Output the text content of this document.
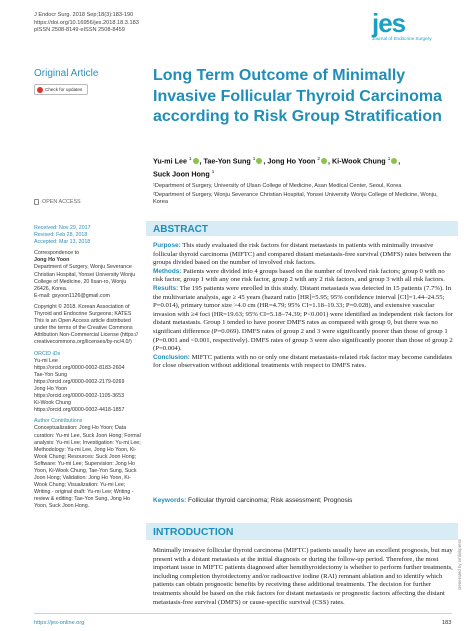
J Endocr Surg. 2018 Sep;18(3):183-190
https://doi.org/10.16956/jes.2018.18.3.183
pISSN 2508-8149·eISSN 2508-8459	jes
Journal of Endocrine Surgery
Original Article
Check for updates
Long Term Outcome of Minimally Invasive Follicular Thyroid Carcinoma according to Risk Group Stratification
Yu-mi Lee $^1$ , Tae-Yon Sung $^1$ , Jong Ho Yoon $^2$ , Ki-Wook Chung $^1$ ,
Suck Joon Hong $^1$
¹Department of Surgery, University of Ulsan College of Medicine, Asan Medical Center, Seoul, Korea
²Department of Surgery, Wonju Severance Christian Hospital, Yonsei University Wonju College of Medicine, Wonju, Korea
OPEN ACCESS

Received: Nov 29, 2017
Revised: Feb 28, 2018
Accepted: Mar 13, 2018

Correspondence to
Jong Ho Yoon
Department of Surgery, Wonju Severance Christian Hospital, Yonsei University Wonju College of Medicine, 20 Ilsan-ro, Wonju 26426, Korea.
E-mail: gsyoon1126@gmail.com

Copyright © 2018. Korean Association of Thyroid and Endocrine Surgeons; KATES This is an Open Access article distributed under the terms of the Creative Commons Attribution Non-Commercial License (https:// creativecommons.org/licenses/by-nc/4.0/)

ORCID iDs
Yu-mi Lee
https://orcid.org/0000-0002-8183-2604
Tae-Yon Sung
https://orcid.org/0000-0002-2179-0269
Jong Ho Yoon
https://orcid.org/0000-0002-1105-3653
Ki-Wook Chung
https://orcid.org/0000-0002-4418-1857

Author Contributions
Conceptualization: Jong Ho Yoon; Data curation: Yu-mi Lee, Suck Joon Hong; Formal analysis: Yu-mi Lee; Investigation: Yu-mi Lee; Methodology: Yu-mi Lee, Jong Ho Yoon, Ki-Wook Chung; Resources: Suck Joon Hong; Software: Yu-mi Lee; Supervision: Jong Ho Yoon, Ki-Wook Chung, Tae-Yon Sung, Suck Joon Hong; Validation: Jong Ho Yoon, Ki-Wook Chung; Visualization: Yu-mi Lee; Writing - original draft: Yu-mi Lee; Writing - review & editing: Tae-Yon Sung, Jong Ho Yoon, Suck Joon Hong.

ABSTRACT

Purpose: This study evaluated the risk factors for distant metastasis in patients with minimally invasive follicular thyroid carcinoma (MIFTC) and compared distant metastasis-free survival (DMFS) rates between the groups divided based on the number of involved risk factors.

Methods: Patients were divided into 4 groups based on the number of involved risk factors; group 0 with no risk factor, group 1 with any one risk factor, group 2 with any 2 risk factors, and group 3 with all risk factors.

Results: The 195 patients were enrolled in this study. Distant metastasis was detected in 15 patients (7.7%). In the multivariate analysis, age ≥ 45 years (hazard ratio [HR]=5.95; 95% confidence interval [CI]=1.44–24.55; P=0.014), primary tumor size >4.0 cm (HR=4.79; 95% CI=1.18–19.33; P=0.028), and extensive vascular invasion with ≥4 foci (HR=19.63; 95% CI=5.18–74.39; P<0.001) were identified as independent risk factors for distant metastasis. Group 1 tended to have poorer DMFS rates as compared with group 0, but there was no significant difference (P=0.069). DMFS rates of group 2 and 3 were significantly poorer than those of group 1 (P=0.001 and <0.001, respectively). DMFS rates of group 3 were also significantly poorer than those of group 2 (P=0.004).

Conclusion: MIFTC patients with no or only one distant metastasis-related risk factor may become candidates for close observation without additional treatments with respect to DMFS rates.

Keywords: Follicular thyroid carcinoma; Risk assessment; Prognosis
INTRODUCTION
Minimally invasive follicular thyroid carcinoma (MIFTC) patients usually have an excellent prognosis, but may present with a distant metastasis at the initial diagnosis or during the follow-up period. Therefore, the most important issue in MIFTC patients diagnosed after hemithyroidectomy is whether to perform further treatments, including completion thyroidectomy and/or radioactive iodine (RAI) remnant ablation and to identify which patients can obtain prognostic benefits by receiving these additional treatments. The decision for further treatments should be based on the risk factors for distant metastasis or prognostic factors affecting the distant metastasis-free survival (DMFS) or cause-specific survival (CSS) rates.
Generated by xmlinkpress
https://jes-online.org	183
